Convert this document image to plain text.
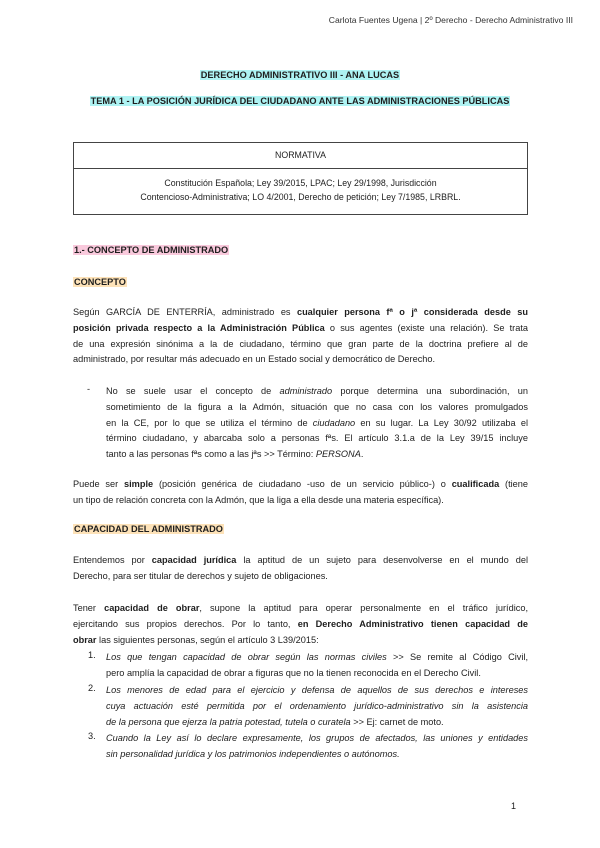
Carlota Fuentes Ugena | 2º Derecho - Derecho Administrativo III
DERECHO ADMINISTRATIVO III - ANA LUCAS
TEMA 1 - LA POSICIÓN JURÍDICA DEL CIUDADANO ANTE LAS ADMINISTRACIONES PÚBLICAS
NORMATIVA
Constitución Española; Ley 39/2015, LPAC; Ley 29/1998, Jurisdicción
Contencioso-Administrativa; LO 4/2001, Derecho de petición; Ley 7/1985, LRBRL.
1.- CONCEPTO DE ADMINISTRADO
CONCEPTO
Según GARCÍA DE ENTERRÍA, administrado es cualquier persona fª o jª considerada desde su
posición privada respecto a la Administración Pública o sus agentes (existe una relación). Se trata
de una expresión sinónima a la de ciudadano, término que gran parte de la doctrina prefiere al de
administrado, por resultar más adecuado en un Estado social y democrático de Derecho.
- No se suele usar el concepto de administrado porque determina una subordinación, un
sometimiento de la figura a la Admón, situación que no casa con los valores promulgados
en la CE, por lo que se utiliza el término de ciudadano en su lugar. La Ley 30/92 utilizaba el
término ciudadano, y abarcaba solo a personas fªs. El artículo 3.1.a de la Ley 39/15 incluye
tanto a las personas fªs como a las jªs >> Término: PERSONA.
Puede ser simple (posición genérica de ciudadano -uso de un servicio público-) o cualificada (tiene
un tipo de relación concreta con la Admón, que la liga a ella desde una materia específica).
CAPACIDAD DEL ADMINISTRADO
Entendemos por capacidad jurídica la aptitud de un sujeto para desenvolverse en el mundo del
Derecho, para ser titular de derechos y sujeto de obligaciones.
Tener capacidad de obrar, supone la aptitud para operar personalmente en el tráfico jurídico,
ejercitando sus propios derechos. Por lo tanto, en Derecho Administrativo tienen capacidad de
obrar las siguientes personas, según el artículo 3 L39/2015:
1. Los que tengan capacidad de obrar según las normas civiles >> Se remite al Código Civil,
pero amplía la capacidad de obrar a figuras que no la tienen reconocida en el Derecho Civil.
2. Los menores de edad para el ejercicio y defensa de aquellos de sus derechos e intereses
cuya actuación esté permitida por el ordenamiento jurídico-administrativo sin la asistencia
de la persona que ejerza la patria potestad, tutela o curatela >> Ej: carnet de moto.
3. Cuando la Ley así lo declare expresamente, los grupos de afectados, las uniones y entidades
sin personalidad jurídica y los patrimonios independientes o autónomos.
1
